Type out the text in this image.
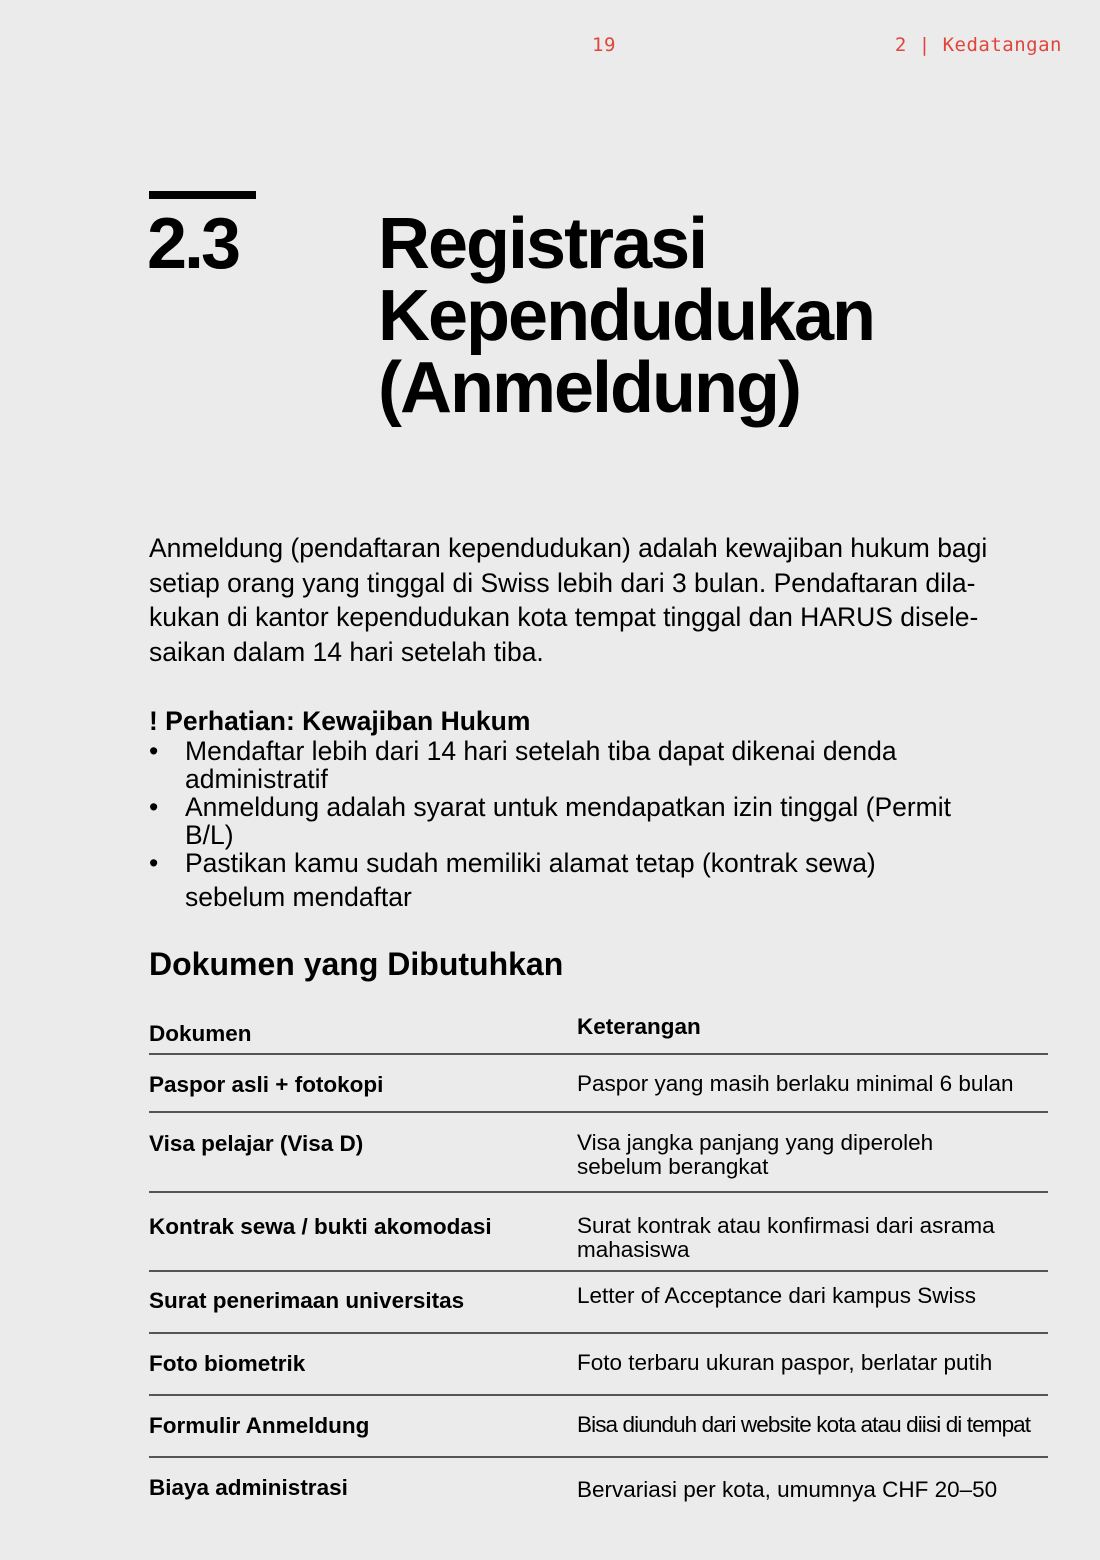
19	2 | Kedatangan
2.3 Registrasi
Kependudukan
(Anmeldung)

Anmeldung (pendaftaran kependudukan) adalah kewajiban hukum bagi
setiap orang yang tinggal di Swiss lebih dari 3 bulan. Pendaftaran dila-
kukan di kantor kependudukan kota tempat tinggal dan HARUS disele-
saikan dalam 14 hari setelah tiba.

! Perhatian: Kewajiban Hukum
• Mendaftar lebih dari 14 hari setelah tiba dapat dikenai denda
administratif
• Anmeldung adalah syarat untuk mendapatkan izin tinggal (Permit
B/L)
• Pastikan kamu sudah memiliki alamat tetap (kontrak sewa)
sebelum mendaftar
Dokumen yang Dibutuhkan
Dokumen	Keterangan
Paspor asli + fotokopi	Paspor yang masih berlaku minimal 6 bulan
Visa pelajar (Visa D)	Visa jangka panjang yang diperoleh
sebelum berangkat
Kontrak sewa / bukti akomodasi	Surat kontrak atau konfirmasi dari asrama
mahasiswa
Surat penerimaan universitas	Letter of Acceptance dari kampus Swiss
Foto biometrik	Foto terbaru ukuran paspor, berlatar putih
Formulir Anmeldung	Bisa diunduh dari website kota atau diisi di tempat
Biaya administrasi	Bervariasi per kota, umumnya CHF 20–50
